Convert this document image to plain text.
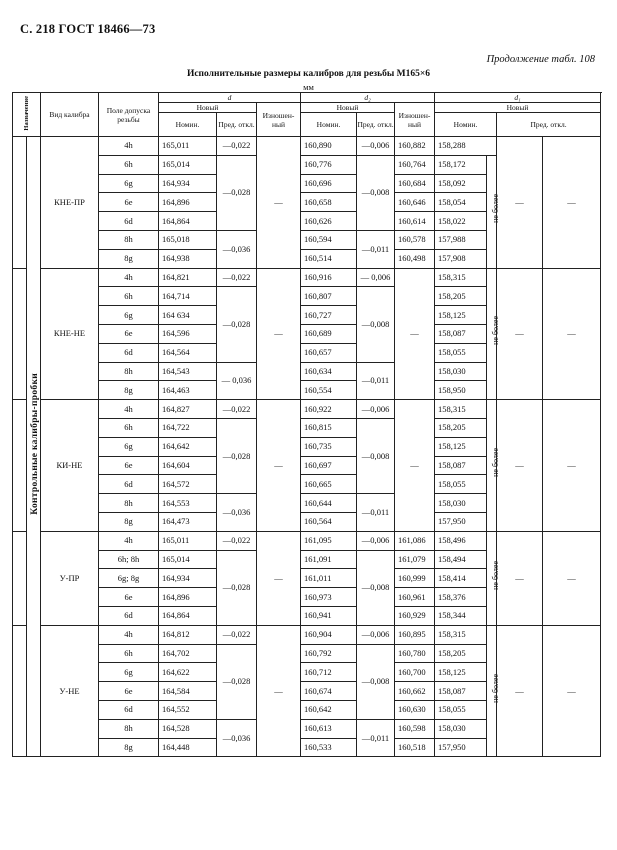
С. 218 ГОСТ 18466—73
Продолжение табл. 108
Исполнительные размеры калибров для резьбы М165×6
мм
Назначение		Вид калибра	Поле допуска резьбы	d			d₂			d₁				
				Новый		Изношен-ный	Новый		Изношен-ный	Новый	
				Номин.	Пред. откл.		Номин.	Пред. откл.		Номин.		Пред. откл.		
	Контрольные калибры-пробки	КНЕ-ПР	4h	165,011	—0,022	—	160,890	—0,006	160,882	158,288		—	—	
			6h	165,014	—0,028		160,776	—0,008	160,764	158,172	не более			
			6g	164,934			160,696		160,684	158,092				
			6e	164,896			160,658		160,646	158,054				
			6d	164,864			160,626		160,614	158,022				
			8h	165,018	—0,036		160,594	—0,011	160,578	157,988				
			8g	164,938			160,514		160,498	157,908				
		КНЕ-НЕ	4h	164,821	—0,022	—	160,916	— 0,006	—	158,315	не более	—	—	
			6h	164,714	—0,028		160,807	—0,008		158,205				
			6g	164 634			160,727			158,125				
			6e	164,596			160,689			158,087				
			6d	164,564			160,657			158,055				
			8h	164,543	— 0,036		160,634	—0,011		158,030				
			8g	164,463			160,554			158,950				
		КИ-НЕ	4h	164,827	—0,022	—	160,922	—0,006	—	158,315	не более	—	—	
			6h	164,722	—0,028		160,815	—0,008		158,205				
			6g	164,642			160,735			158,125				
			6e	164,604			160,697			158,087				
			6d	164,572			160,665			158,055				
			8h	164,553	—0,036		160,644	—0,011		158,030				
			8g	164,473			160,564			157,950				
		У-ПР	4h	165,011	—0,022	—	161,095	—0,006	161,086	158,496	не более	—	—	
			6h; 8h	165,014	—0,028		161,091	—0,008	161,079	158,494				
			6g; 8g	164,934			161,011		160,999	158,414				
			6e	164,896			160,973		160,961	158,376				
			6d	164,864			160,941		160,929	158,344				
		У-НЕ	4h	164,812	—0,022	—	160,904	—0,006	160,895	158,315	не более	—	—	
			6h	164,702	—0,028		160,792	—0,008	160,780	158,205				
			6g	164,622			160,712		160,700	158,125				
			6e	164,584			160,674		160,662	158,087				
			6d	164,552			160,642		160,630	158,055				
			8h	164,528	—0,036		160,613	—0,011	160,598	158,030				
			8g	164,448			160,533		160,518	157,950				
